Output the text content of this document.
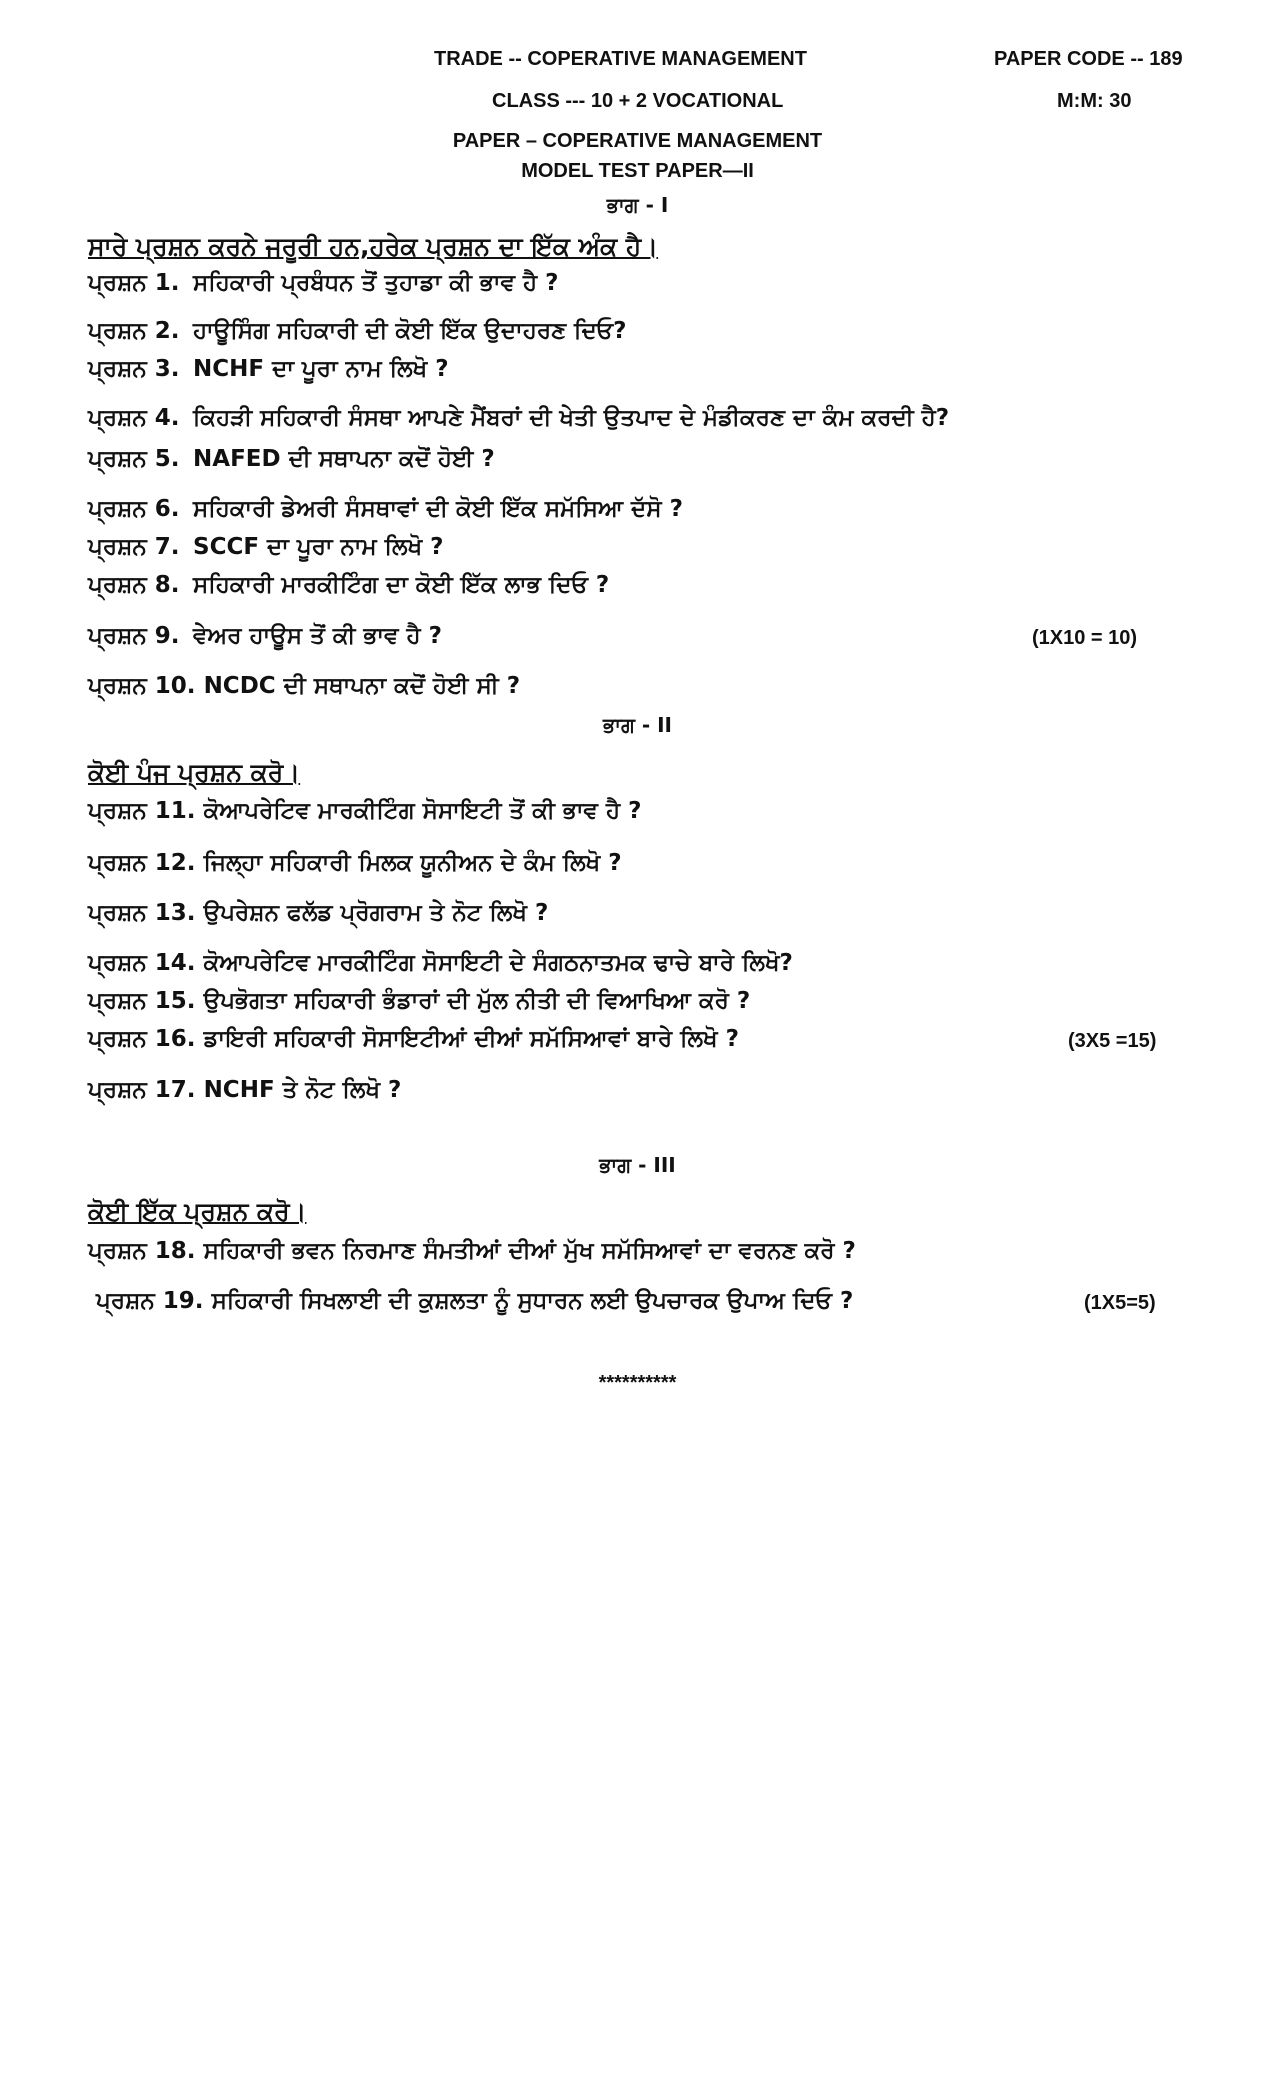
TRADE -- COPERATIVE MANAGEMENT	PAPER CODE -- 189
CLASS --- 10 + 2 VOCATIONAL	M:M: 30
PAPER – COPERATIVE MANAGEMENT
MODEL TEST PAPER—II
ਭਾਗ - I
ਸਾਰੇ ਪ੍ਰਸ਼ਨ ਕਰਨੇ ਜਰੂਰੀ ਹਨ,ਹਰੇਕ ਪ੍ਰਸ਼ਨ ਦਾ ਇੱਕ ਅੰਕ ਹੈ।
ਪ੍ਰਸ਼ਨ 1. ਸਹਿਕਾਰੀ ਪ੍ਰਬੰਧਨ ਤੋਂ ਤੁਹਾਡਾ ਕੀ ਭਾਵ ਹੈ ?
ਪ੍ਰਸ਼ਨ 2. ਹਾਊਸਿੰਗ ਸਹਿਕਾਰੀ ਦੀ ਕੋਈ ਇੱਕ ਉਦਾਹਰਣ ਦਿਓ?
ਪ੍ਰਸ਼ਨ 3. NCHF ਦਾ ਪੂਰਾ ਨਾਮ ਲਿਖੋ ?
ਪ੍ਰਸ਼ਨ 4. ਕਿਹੜੀ ਸਹਿਕਾਰੀ ਸੰਸਥਾ ਆਪਣੇ ਮੈਂਬਰਾਂ ਦੀ ਖੇਤੀ ਉਤਪਾਦ ਦੇ ਮੰਡੀਕਰਣ ਦਾ ਕੰਮ ਕਰਦੀ ਹੈ?
ਪ੍ਰਸ਼ਨ 5. NAFED ਦੀ ਸਥਾਪਨਾ ਕਦੋਂ ਹੋਈ ?
ਪ੍ਰਸ਼ਨ 6. ਸਹਿਕਾਰੀ ਡੇਅਰੀ ਸੰਸਥਾਵਾਂ ਦੀ ਕੋਈ ਇੱਕ ਸਮੱਸਿਆ ਦੱਸੋ ?
ਪ੍ਰਸ਼ਨ 7. SCCF ਦਾ ਪੂਰਾ ਨਾਮ ਲਿਖੋ ?
ਪ੍ਰਸ਼ਨ 8. ਸਹਿਕਾਰੀ ਮਾਰਕੀਟਿੰਗ ਦਾ ਕੋਈ ਇੱਕ ਲਾਭ ਦਿਓ ?
ਪ੍ਰਸ਼ਨ 9. ਵੇਅਰ ਹਾਊਸ ਤੋਂ ਕੀ ਭਾਵ ਹੈ ?	(1X10 = 10)
ਪ੍ਰਸ਼ਨ 10. NCDC ਦੀ ਸਥਾਪਨਾ ਕਦੋਂ ਹੋਈ ਸੀ ?
ਭਾਗ - II
ਕੋਈ ਪੰਜ ਪ੍ਰਸ਼ਨ ਕਰੋ।
ਪ੍ਰਸ਼ਨ 11. ਕੋਆਪਰੇਟਿਵ ਮਾਰਕੀਟਿੰਗ ਸੋਸਾਇਟੀ ਤੋਂ ਕੀ ਭਾਵ ਹੈ ?
ਪ੍ਰਸ਼ਨ 12. ਜਿਲ੍ਹਾ ਸਹਿਕਾਰੀ ਮਿਲਕ ਯੂਨੀਅਨ ਦੇ ਕੰਮ ਲਿਖੋ ?
ਪ੍ਰਸ਼ਨ 13. ਉਪਰੇਸ਼ਨ ਫਲੱਡ ਪ੍ਰੋਗਰਾਮ ਤੇ ਨੋਟ ਲਿਖੋ ?
ਪ੍ਰਸ਼ਨ 14. ਕੋਆਪਰੇਟਿਵ ਮਾਰਕੀਟਿੰਗ ਸੋਸਾਇਟੀ ਦੇ ਸੰਗਠਨਾਤਮਕ ਢਾਚੇ ਬਾਰੇ ਲਿਖੋ?
ਪ੍ਰਸ਼ਨ 15. ਉਪਭੋਗਤਾ ਸਹਿਕਾਰੀ ਭੰਡਾਰਾਂ ਦੀ ਮੁੱਲ ਨੀਤੀ ਦੀ ਵਿਆਖਿਆ ਕਰੋ ?
ਪ੍ਰਸ਼ਨ 16. ਡਾਇਰੀ ਸਹਿਕਾਰੀ ਸੋਸਾਇਟੀਆਂ ਦੀਆਂ ਸਮੱਸਿਆਵਾਂ ਬਾਰੇ ਲਿਖੋ ?	(3X5 =15)
ਪ੍ਰਸ਼ਨ 17. NCHF ਤੇ ਨੋਟ ਲਿਖੋ ?
ਭਾਗ - III
ਕੋਈ ਇੱਕ ਪ੍ਰਸ਼ਨ ਕਰੋ।
ਪ੍ਰਸ਼ਨ 18. ਸਹਿਕਾਰੀ ਭਵਨ ਨਿਰਮਾਣ ਸੰਮਤੀਆਂ ਦੀਆਂ ਮੁੱਖ ਸਮੱਸਿਆਵਾਂ ਦਾ ਵਰਨਣ ਕਰੋ ?
ਪ੍ਰਸ਼ਨ 19. ਸਹਿਕਾਰੀ ਸਿਖਲਾਈ ਦੀ ਕੁਸ਼ਲਤਾ ਨੂੰ ਸੁਧਾਰਨ ਲਈ ਉਪਚਾਰਕ ਉਪਾਅ ਦਿਓ ?	(1X5=5)
**********
